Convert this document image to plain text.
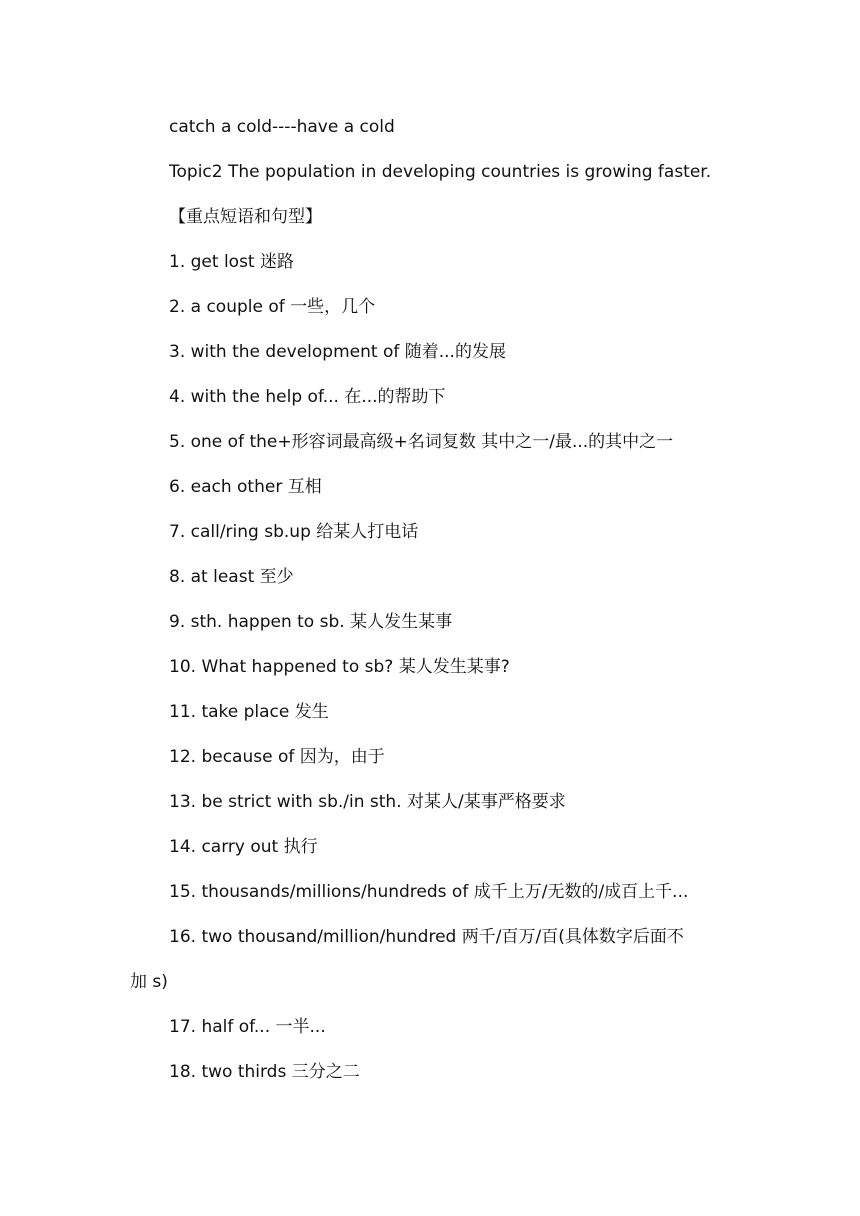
catch a cold----have a cold
Topic2 The population in developing countries is growing faster.
【重点短语和句型】
1. get lost 迷路
2. a couple of 一些，几个
3. with the development of 随着...的发展
4. with the help of... 在...的帮助下
5. one of the+形容词最高级+名词复数 其中之一/最...的其中之一
6. each other 互相
7. call/ring sb.up 给某人打电话
8. at least 至少
9. sth. happen to sb. 某人发生某事
10. What happened to sb? 某人发生某事?
11. take place 发生
12. because of 因为，由于
13. be strict with sb./in sth. 对某人/某事严格要求
14. carry out 执行
15. thousands/millions/hundreds of 成千上万/无数的/成百上千...
16. two thousand/million/hundred 两千/百万/百(具体数字后面不
加 s)
17. half of... 一半...
18. two thirds 三分之二
